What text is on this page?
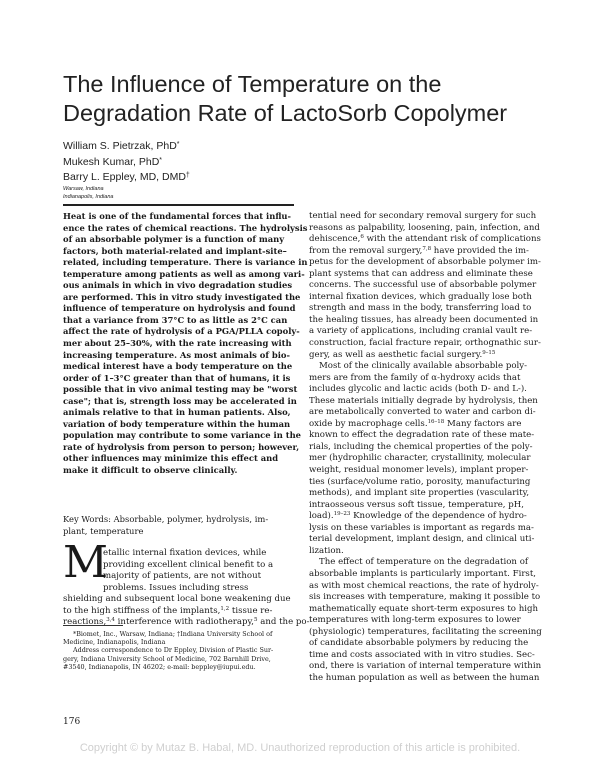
The Influence of Temperature on the
Degradation Rate of LactoSorb Copolymer
William S. Pietrzak, PhD*
Mukesh Kumar, PhD*
Barry L. Eppley, MD, DMD†
Warsaw, Indiana
Indianapolis, Indiana
Heat is one of the fundamental forces that influ-
ence the rates of chemical reactions. The hydrolysis
of an absorbable polymer is a function of many
factors, both material-related and implant-site–
related, including temperature. There is variance in
temperature among patients as well as among vari-
ous animals in which in vivo degradation studies
are performed. This in vitro study investigated the
influence of temperature on hydrolysis and found
that a variance from 37°C to as little as 2°C can
affect the rate of hydrolysis of a PGA/PLLA copoly-
mer about 25–30%, with the rate increasing with
increasing temperature. As most animals of bio-
medical interest have a body temperature on the
order of 1–3°C greater than that of humans, it is
possible that in vivo animal testing may be "worst
case"; that is, strength loss may be accelerated in
animals relative to that in human patients. Also,
variation of body temperature within the human
population may contribute to some variance in the
rate of hydrolysis from person to person; however,
other influences may minimize this effect and
make it difficult to observe clinically.
Key Words: Absorbable, polymer, hydrolysis, im-
plant, temperature
M
etallic internal fixation devices, while
providing excellent clinical benefit to a
majority of patients, are not without
problems. Issues including stress
shielding and subsequent local bone weakening due
to the high stiffness of the implants,$^{1,2}$ tissue re-
reactions,$^{3,4}$ interference with radiotherapy,$^5$ and the po-
*Biomet, Inc., Warsaw, Indiana; †Indiana University School of
Medicine, Indianapolis, Indiana
Address correspondence to Dr Eppley, Division of Plastic Sur-
gery, Indiana University School of Medicine, 702 Barnhill Drive,
#3540, Indianapolis, IN 46202; e-mail: beppley@iupui.edu.
tential need for secondary removal surgery for such
reasons as palpability, loosening, pain, infection, and
dehiscence,$^6$ with the attendant risk of complications
from the removal surgery,$^{7,8}$ have provided the im-
petus for the development of absorbable polymer im-
plant systems that can address and eliminate these
concerns. The successful use of absorbable polymer
internal fixation devices, which gradually lose both
strength and mass in the body, transferring load to
the healing tissues, has already been documented in
a variety of applications, including cranial vault re-
construction, facial fracture repair, orthognathic sur-
gery, as well as aesthetic facial surgery.$^{9-15}$
Most of the clinically available absorbable poly-
mers are from the family of α-hydroxy acids that
includes glycolic and lactic acids (both D- and L-).
These materials initially degrade by hydrolysis, then
are metabolically converted to water and carbon di-
oxide by macrophage cells.$^{16-18}$ Many factors are
known to effect the degradation rate of these mate-
rials, including the chemical properties of the poly-
mer (hydrophilic character, crystallinity, molecular
weight, residual monomer levels), implant proper-
ties (surface/volume ratio, porosity, manufacturing
methods), and implant site properties (vascularity,
intraosseous versus soft tissue, temperature, pH,
load).$^{19-23}$ Knowledge of the dependence of hydro-
lysis on these variables is important as regards ma-
terial development, implant design, and clinical uti-
lization.
The effect of temperature on the degradation of
absorbable implants is particularly important. First,
as with most chemical reactions, the rate of hydroly-
sis increases with temperature, making it possible to
mathematically equate short-term exposures to high
temperatures with long-term exposures to lower
(physiologic) temperatures, facilitating the screening
of candidate absorbable polymers by reducing the
time and costs associated with in vitro studies. Sec-
ond, there is variation of internal temperature within
the human population as well as between the human
176
Copyright © by Mutaz B. Habal, MD. Unauthorized reproduction of this article is prohibited.
